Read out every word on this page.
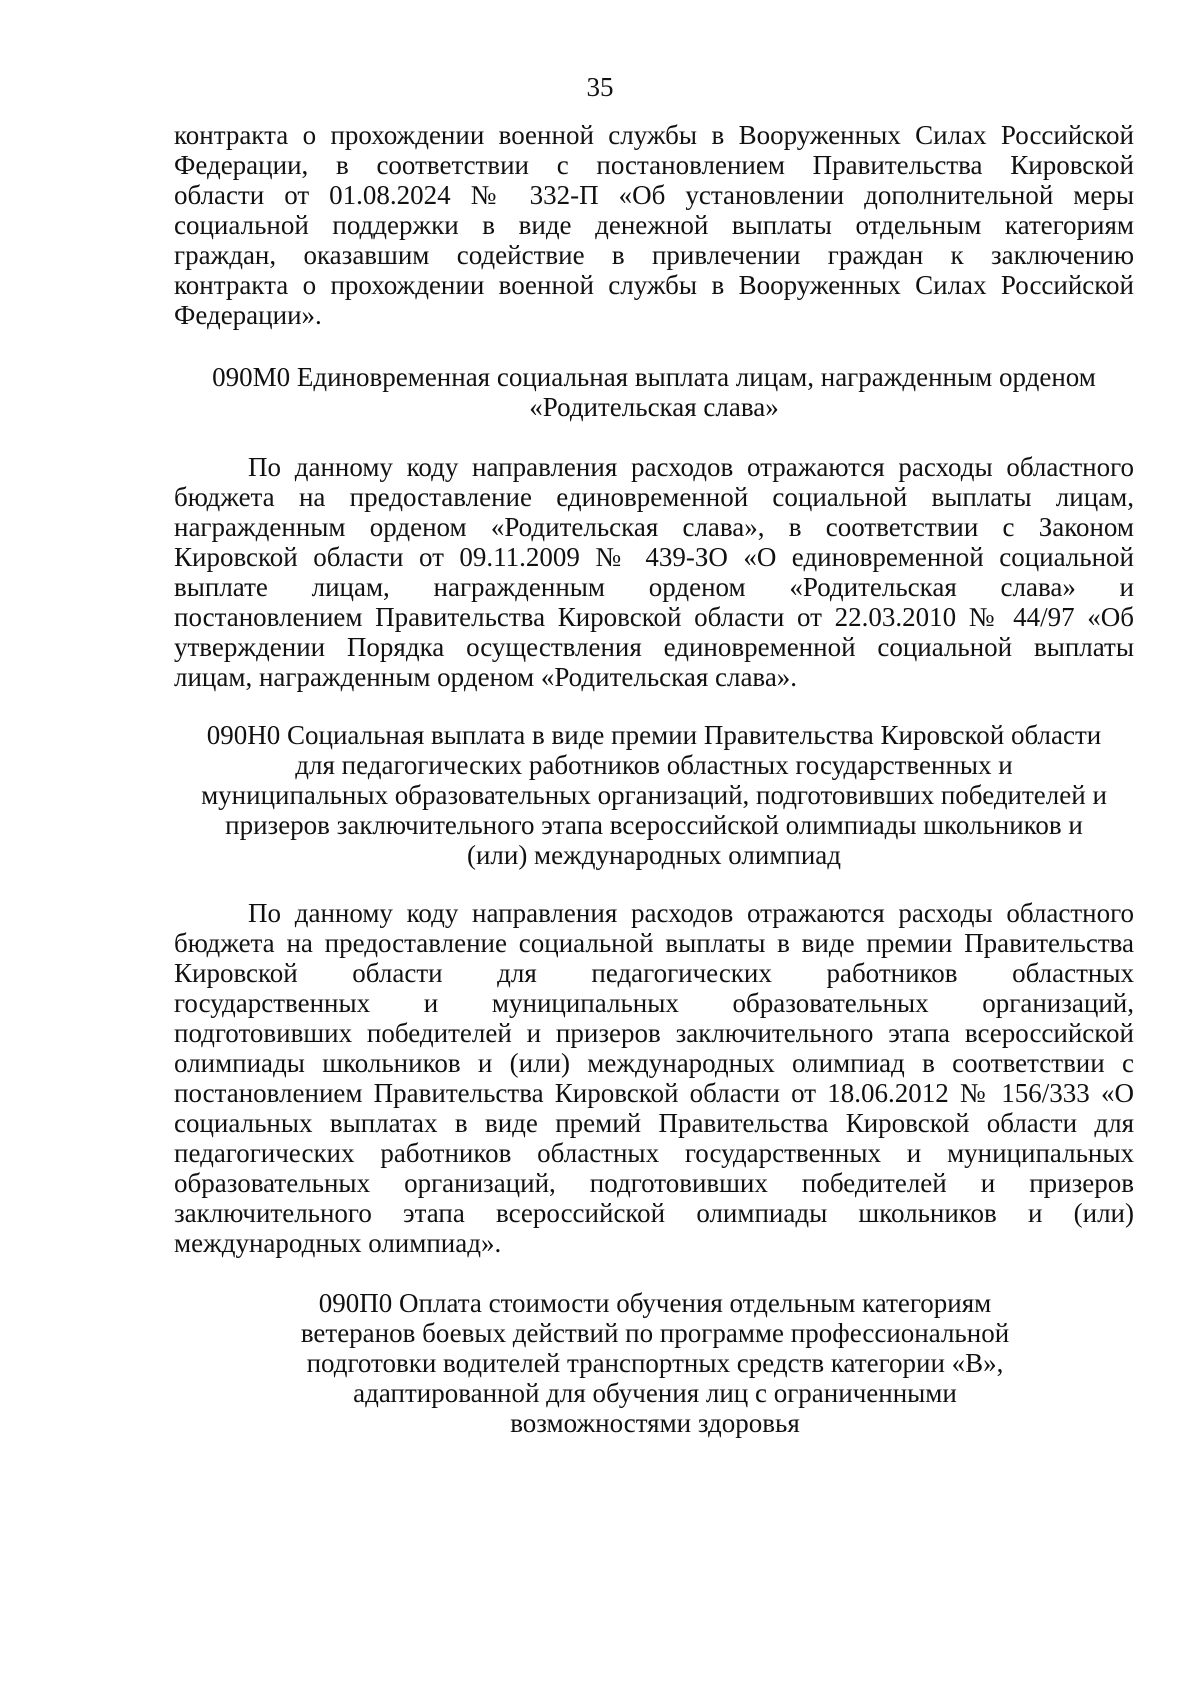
35

контракта о прохождении военной службы в Вооруженных Силах Российской
Федерации, в соответствии с постановлением Правительства Кировской
области от 01.08.2024 № 332-П «Об установлении дополнительной меры
социальной поддержки в виде денежной выплаты отдельным категориям
граждан, оказавшим содействие в привлечении граждан к заключению
контракта о прохождении военной службы в Вооруженных Силах Российской
Федерации».
090М0 Единовременная социальная выплата лицам, награжденным орденом
«Родительская слава»
По данному коду направления расходов отражаются расходы областного
бюджета на предоставление единовременной социальной выплаты лицам,
награжденным орденом «Родительская слава», в соответствии с Законом
Кировской области от 09.11.2009 № 439-ЗО «О единовременной социальной
выплате лицам, награжденным орденом «Родительская слава» и
постановлением Правительства Кировской области от 22.03.2010 № 44/97 «Об
утверждении Порядка осуществления единовременной социальной выплаты
лицам, награжденным орденом «Родительская слава».
090Н0 Социальная выплата в виде премии Правительства Кировской области
для педагогических работников областных государственных и
муниципальных образовательных организаций, подготовивших победителей и
призеров заключительного этапа всероссийской олимпиады школьников и
(или) международных олимпиад
По данному коду направления расходов отражаются расходы областного
бюджета на предоставление социальной выплаты в виде премии Правительства
Кировской области для педагогических работников областных
государственных и муниципальных образовательных организаций,
подготовивших победителей и призеров заключительного этапа всероссийской
олимпиады школьников и (или) международных олимпиад в соответствии с
постановлением Правительства Кировской области от 18.06.2012 № 156/333 «О
социальных выплатах в виде премий Правительства Кировской области для
педагогических работников областных государственных и муниципальных
образовательных организаций, подготовивших победителей и призеров
заключительного этапа всероссийской олимпиады школьников и (или)
международных олимпиад».
090П0 Оплата стоимости обучения отдельным категориям
ветеранов боевых действий по программе профессиональной
подготовки водителей транспортных средств категории «В»,
адаптированной для обучения лиц с ограниченными
возможностями здоровья
